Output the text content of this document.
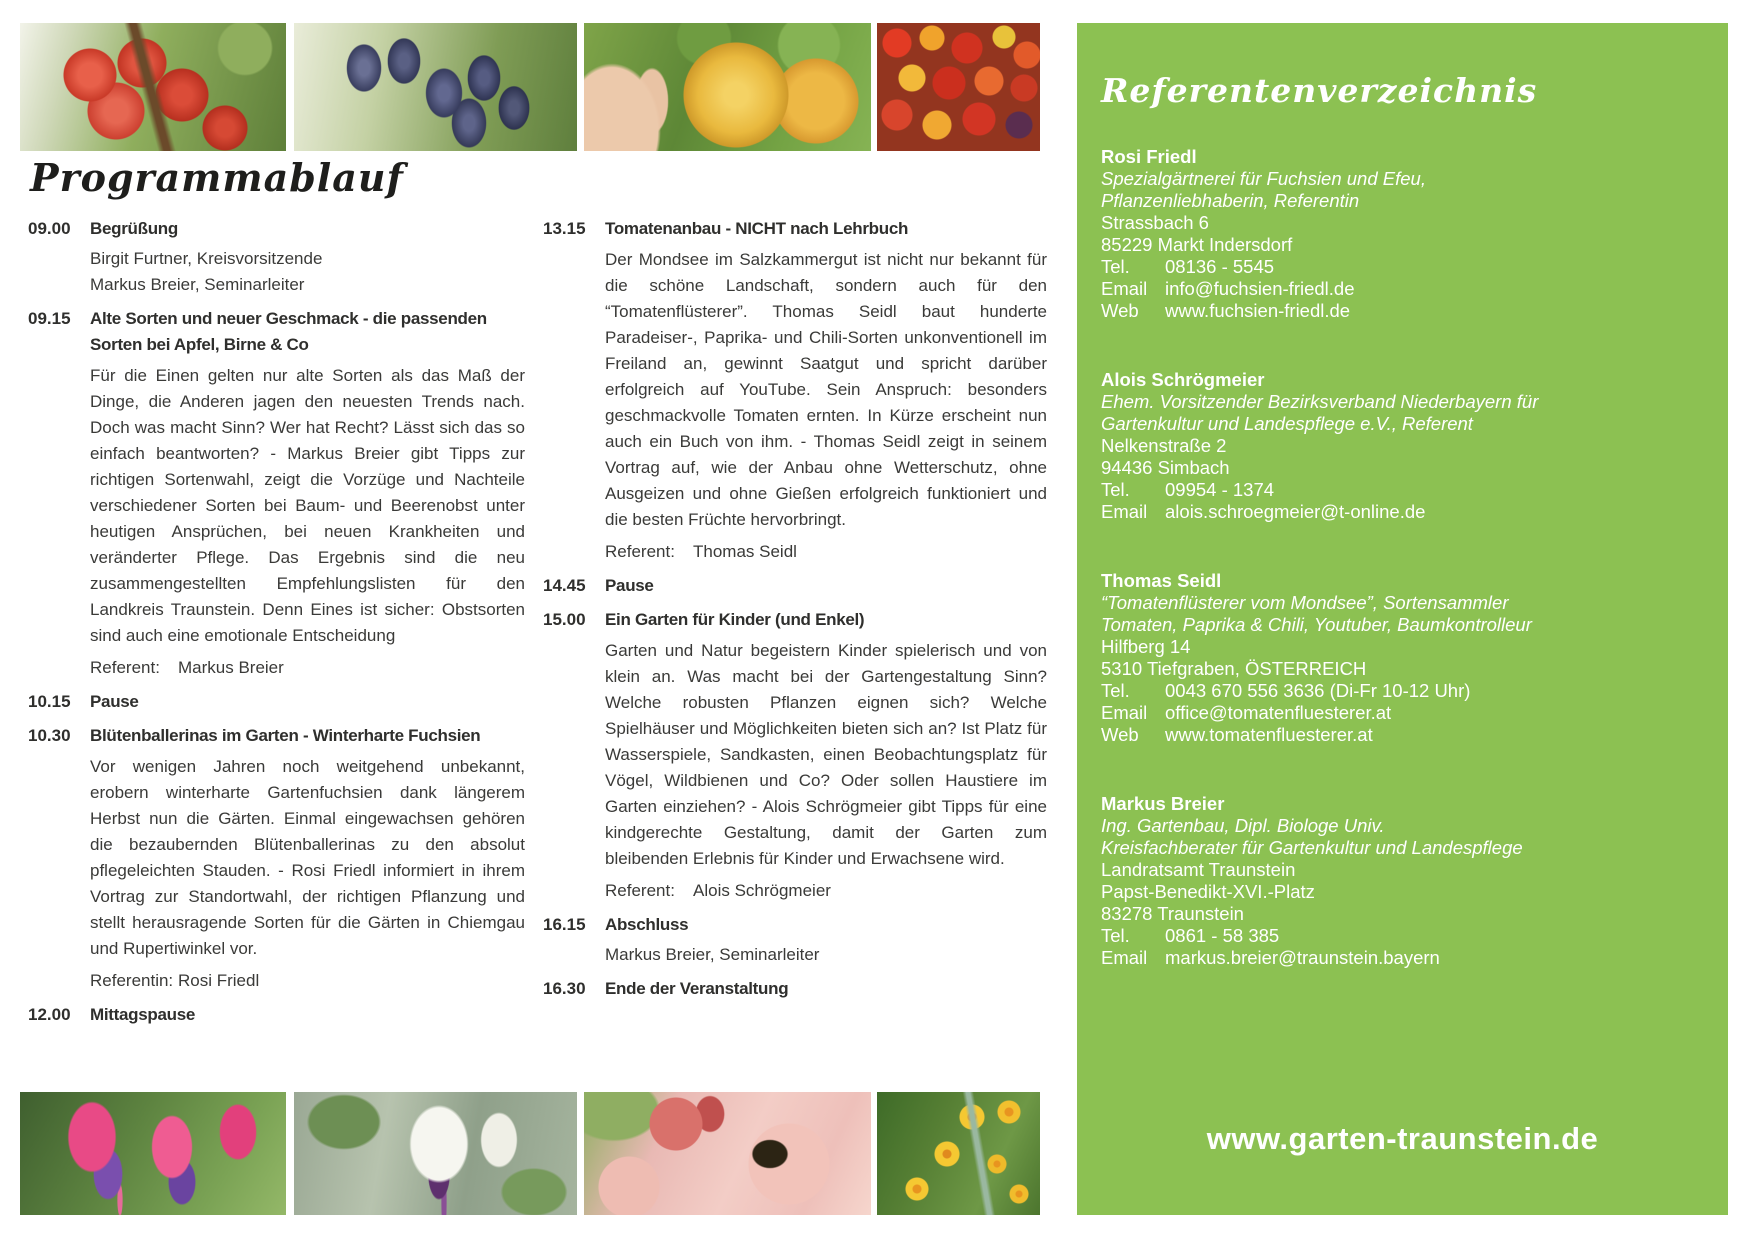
Programmablauf
09.00	Begrüßung
Birgit Furtner, Kreisvorsitzende
Markus Breier, Seminarleiter
09.15	Alte Sorten und neuer Geschmack - die passenden
Sorten bei Apfel, Birne & Co
Für die Einen gelten nur alte Sorten als das Maß der Dinge, die Anderen jagen den neuesten Trends nach. Doch was macht Sinn? Wer hat Recht? Lässt sich das so einfach beantworten? - Markus Breier gibt Tipps zur richtigen Sortenwahl, zeigt die Vorzüge und Nachteile verschiedener Sorten bei Baum- und Beerenobst unter heutigen Ansprüchen, bei neuen Krankheiten und veränderter Pflege. Das Ergebnis sind die neu zusammengestellten Empfehlungslisten für den Landkreis Traunstein. Denn Eines ist sicher: Obstsorten sind auch eine emotionale Entscheidung
Referent: Markus Breier
10.15	Pause
10.30	Blütenballerinas im Garten - Winterharte Fuchsien
Vor wenigen Jahren noch weitgehend unbekannt, erobern winterharte Gartenfuchsien dank längerem Herbst nun die Gärten. Einmal eingewachsen gehören die bezaubernden Blütenballerinas zu den absolut pflegeleichten Stauden. - Rosi Friedl informiert in ihrem Vortrag zur Standortwahl, der richtigen Pflanzung und stellt herausragende Sorten für die Gärten in Chiemgau und Rupertiwinkel vor.
Referentin: Rosi Friedl
12.00	Mittagspause
13.15	Tomatenanbau - NICHT nach Lehrbuch
Der Mondsee im Salzkammergut ist nicht nur bekannt für die schöne Landschaft, sondern auch für den “Tomatenflüsterer”. Thomas Seidl baut hunderte Paradeiser-, Paprika- und Chili-Sorten unkonventionell im Freiland an, gewinnt Saatgut und spricht darüber erfolgreich auf YouTube. Sein Anspruch: besonders geschmackvolle Tomaten ernten. In Kürze erscheint nun auch ein Buch von ihm. - Thomas Seidl zeigt in seinem Vortrag auf, wie der Anbau ohne Wetterschutz, ohne Ausgeizen und ohne Gießen erfolgreich funktioniert und die besten Früchte hervorbringt.
Referent: Thomas Seidl
14.45	Pause
15.00	Ein Garten für Kinder (und Enkel)
Garten und Natur begeistern Kinder spielerisch und von klein an. Was macht bei der Gartengestaltung Sinn? Welche robusten Pflanzen eignen sich? Welche Spielhäuser und Möglichkeiten bieten sich an? Ist Platz für Wasserspiele, Sandkasten, einen Beobachtungsplatz für Vögel, Wildbienen und Co? Oder sollen Haustiere im Garten einziehen? - Alois Schrögmeier gibt Tipps für eine kindgerechte Gestaltung, damit der Garten zum bleibenden Erlebnis für Kinder und Erwachsene wird.
Referent: Alois Schrögmeier
16.15	Abschluss
Markus Breier, Seminarleiter
16.30	Ende der Veranstaltung
Referentenverzeichnis
Rosi Friedl
Spezialgärtnerei für Fuchsien und Efeu,
Pflanzenliebhaberin, Referentin
Strassbach 6
85229 Markt Indersdorf
Tel. 08136 - 5545
Email info@fuchsien-friedl.de
Web www.fuchsien-friedl.de
Alois Schrögmeier
Ehem. Vorsitzender Bezirksverband Niederbayern für
Gartenkultur und Landespflege e.V., Referent
Nelkenstraße 2
94436 Simbach
Tel. 09954 - 1374
Email alois.schroegmeier@t-online.de
Thomas Seidl
“Tomatenflüsterer vom Mondsee”, Sortensammler
Tomaten, Paprika & Chili, Youtuber, Baumkontrolleur
Hilfberg 14
5310 Tiefgraben, ÖSTERREICH
Tel. 0043 670 556 3636 (Di-Fr 10-12 Uhr)
Email office@tomatenfluesterer.at
Web www.tomatenfluesterer.at
Markus Breier
Ing. Gartenbau, Dipl. Biologe Univ.
Kreisfachberater für Gartenkultur und Landespflege
Landratsamt Traunstein
Papst-Benedikt-XVI.-Platz
83278 Traunstein
Tel. 0861 - 58 385
Email markus.breier@traunstein.bayern
www.garten-traunstein.de
